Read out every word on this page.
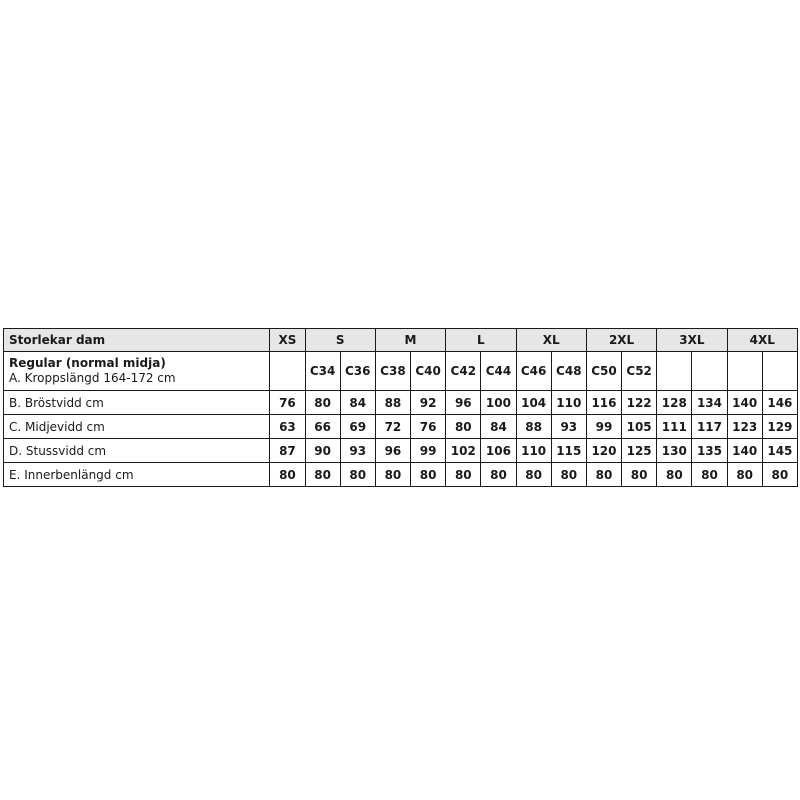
Storlekar dam	XS	S		M		L		XL		2XL		3XL		4XL	

Regular (normal midja)
A. Kroppslängd 164-172 cm		C34	C36	C38	C40	C42	C44	C46	C48	C50	C52				
B. Bröstvidd cm	76	80	84	88	92	96	100	104	110	116	122	128	134	140	146
C. Midjevidd cm	63	66	69	72	76	80	84	88	93	99	105	111	117	123	129
D. Stussvidd cm	87	90	93	96	99	102	106	110	115	120	125	130	135	140	145
E. Innerbenlängd cm	80	80	80	80	80	80	80	80	80	80	80	80	80	80	80
